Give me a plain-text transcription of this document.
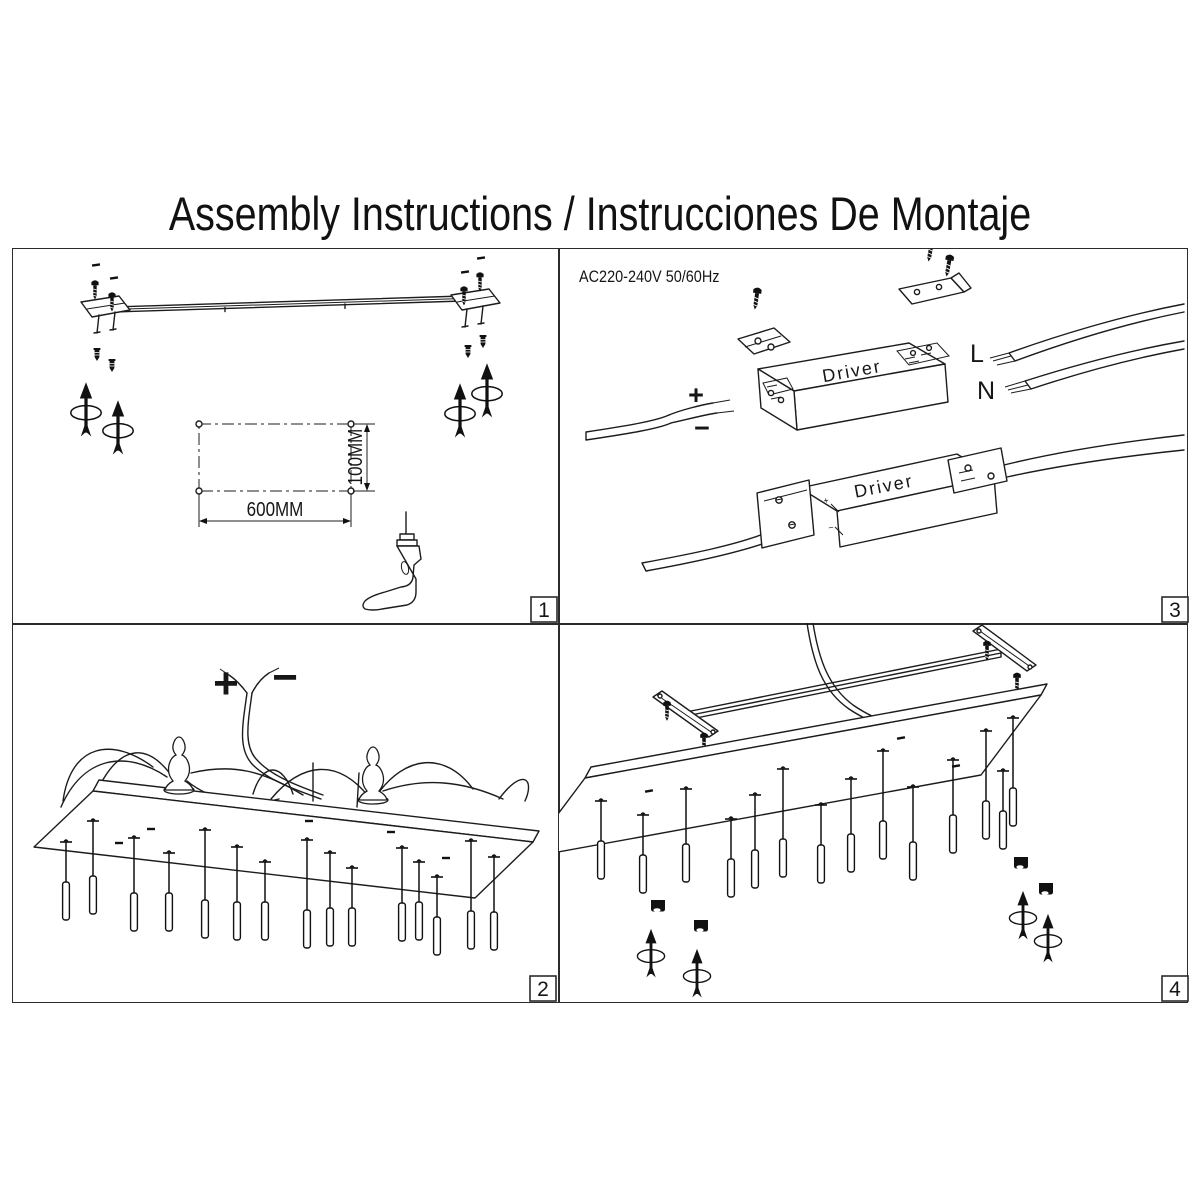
Assembly Instructions / Instrucciones De Montaje
600MM
100MM
1
AC220-240V 50/60Hz
L
N
+
−
Driver
Driver
+
−
3
+ −
2	4
